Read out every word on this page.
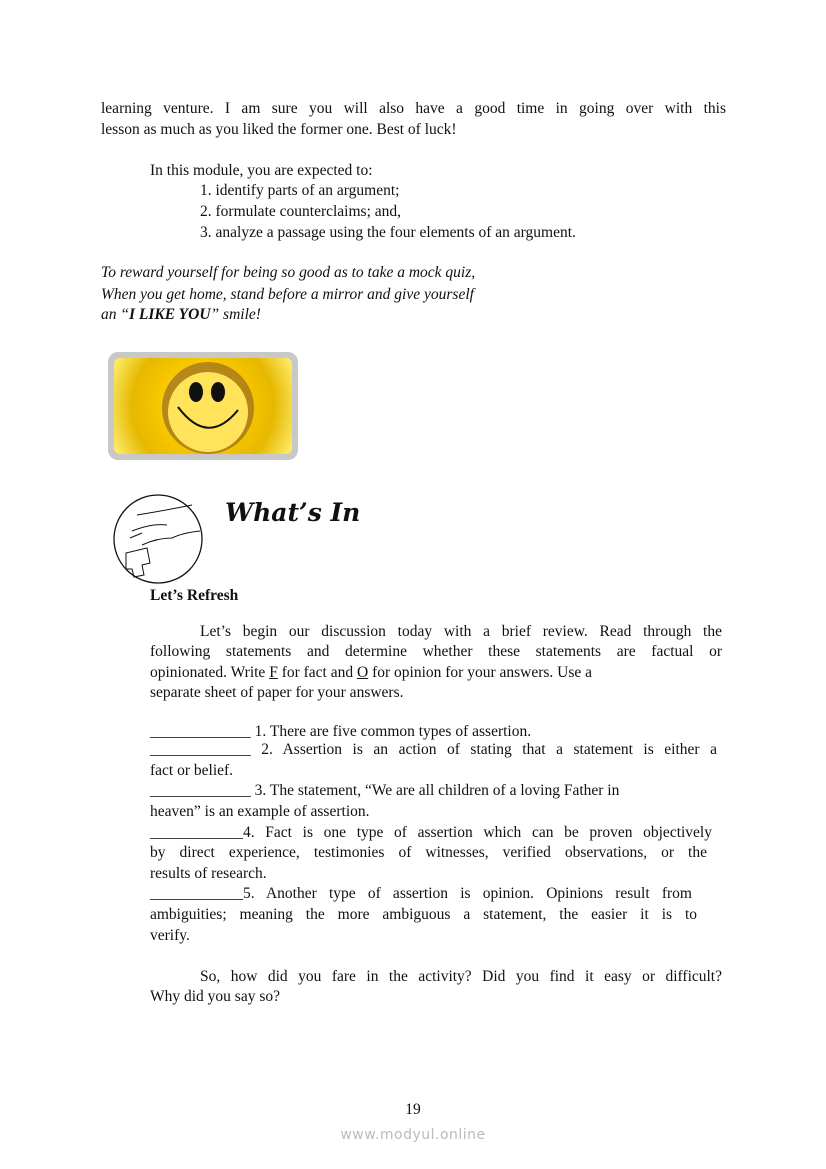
learning venture. I am sure you will also have a good time in going over with this
lesson as much as you liked the former one. Best of luck!
In this module, you are expected to:
1. identify parts of an argument;
2. formulate counterclaims; and,
3. analyze a passage using the four elements of an argument.
To reward yourself for being so good as to take a mock quiz,
When you get home, stand before a mirror and give yourself
an “I LIKE YOU” smile!
What’s In
Let’s Refresh
Let’s begin our discussion today with a brief review. Read through the
following statements and determine whether these statements are factual or
opinionated. Write F for fact and O for opinion for your answers. Use a
separate sheet of paper for your answers.
_____________ 1. There are five common types of assertion.
_____________ 2. Assertion is an action of stating that a statement is either a
fact or belief.
_____________ 3. The statement, “We are all children of a loving Father in
heaven” is an example of assertion.
____________4. Fact is one type of assertion which can be proven objectively
by direct experience, testimonies of witnesses, verified observations, or the
results of research.
____________5. Another type of assertion is opinion. Opinions result from
ambiguities; meaning the more ambiguous a statement, the easier it is to
verify.
So, how did you fare in the activity? Did you find it easy or difficult?
Why did you say so?
19
www.modyul.online
